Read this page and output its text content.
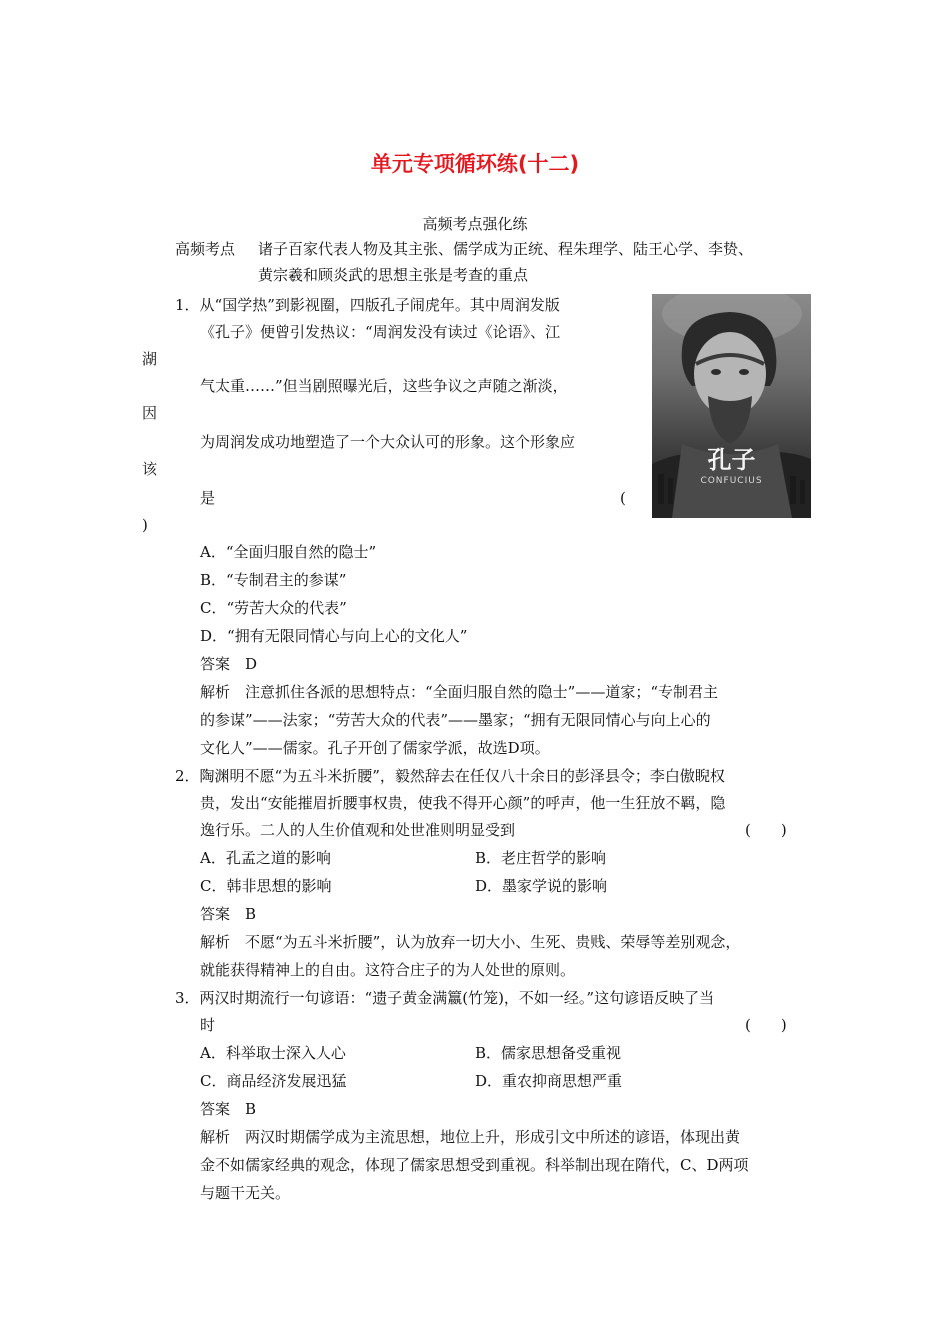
单元专项循环练(十二)
高频考点强化练
高频考点 诸子百家代表人物及其主张、儒学成为正统、程朱理学、陆王心学、李贽、
黄宗羲和顾炎武的思想主张是考查的重点
1．从“国学热”到影视圈，四版孔子闹虎年。其中周润发版
《孔子》便曾引发热议：“周润发没有读过《论语》、江
湖
气太重……”但当剧照曝光后，这些争议之声随之渐淡，
因
为周润发成功地塑造了一个大众认可的形象。这个形象应
该
是	(
)
孔子
CONFUCIUS
A．“全面归服自然的隐士”
B．“专制君主的参谋”
C．“劳苦大众的代表”
D．“拥有无限同情心与向上心的文化人”
答案　D
解析　注意抓住各派的思想特点：“全面归服自然的隐士”——道家；“专制君主
的参谋”——法家；“劳苦大众的代表”——墨家；“拥有无限同情心与向上心的
文化人”——儒家。孔子开创了儒家学派，故选D项。
2．陶渊明不愿“为五斗米折腰”，毅然辞去在任仅八十余日的彭泽县令；李白傲睨权
贵，发出“安能摧眉折腰事权贵，使我不得开心颜”的呼声，他一生狂放不羁，隐
逸行乐。二人的人生价值观和处世准则明显受到	(　　)
A．孔孟之道的影响	B．老庄哲学的影响
C．韩非思想的影响	D．墨家学说的影响
答案　B
解析　不愿“为五斗米折腰”，认为放弃一切大小、生死、贵贱、荣辱等差别观念，
就能获得精神上的自由。这符合庄子的为人处世的原则。
3．两汉时期流行一句谚语：“遗子黄金满籝(竹笼)，不如一经。”这句谚语反映了当
时	(　　)
A．科举取士深入人心	B．儒家思想备受重视
C．商品经济发展迅猛	D．重农抑商思想严重
答案　B
解析　两汉时期儒学成为主流思想，地位上升，形成引文中所述的谚语，体现出黄
金不如儒家经典的观念，体现了儒家思想受到重视。科举制出现在隋代，C、D两项
与题干无关。
